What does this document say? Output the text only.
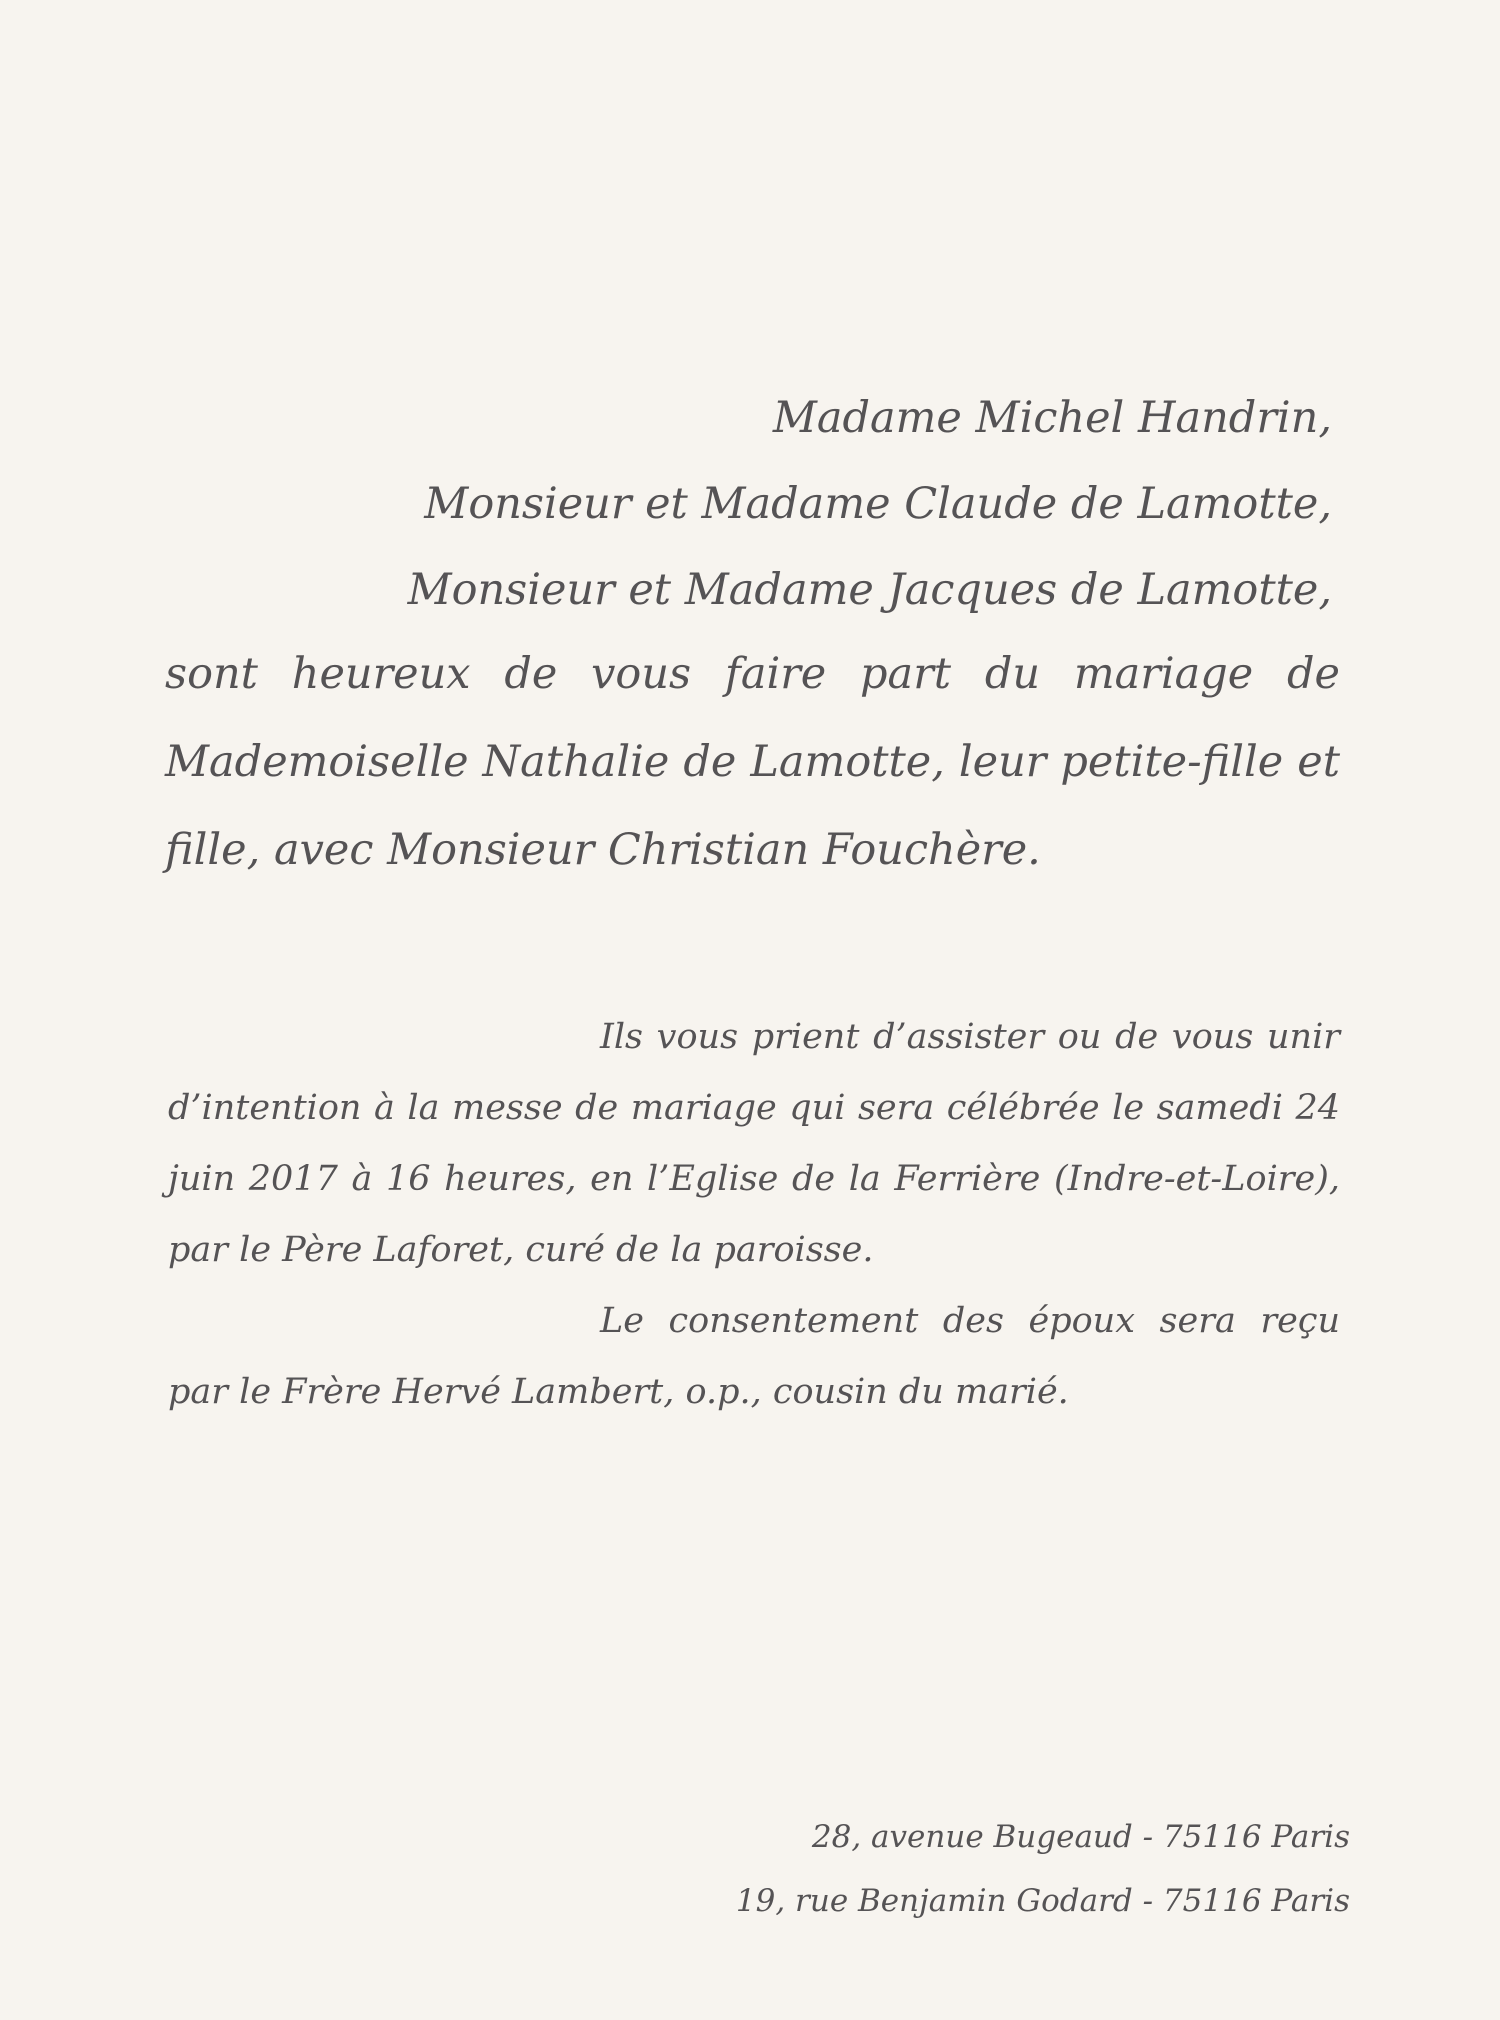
Madame Michel Handrin,
Monsieur et Madame Claude de Lamotte,
Monsieur et Madame Jacques de Lamotte,
sont heureux de vous faire part du mariage de Mademoiselle Nathalie de Lamotte, leur petite-fille et fille, avec Monsieur Christian Fouchère.

Ils vous prient d’assister ou de vous unir d’intention à la messe de mariage qui sera célébrée le samedi 24 juin 2017 à 16 heures, en l’Eglise de la Ferrière (Indre-et-Loire), par le Père Laforet, curé de la paroisse.

Le consentement des époux sera reçu par le Frère Hervé Lambert, o.p., cousin du marié.

28, avenue Bugeaud - 75116 Paris
19, rue Benjamin Godard - 75116 Paris
